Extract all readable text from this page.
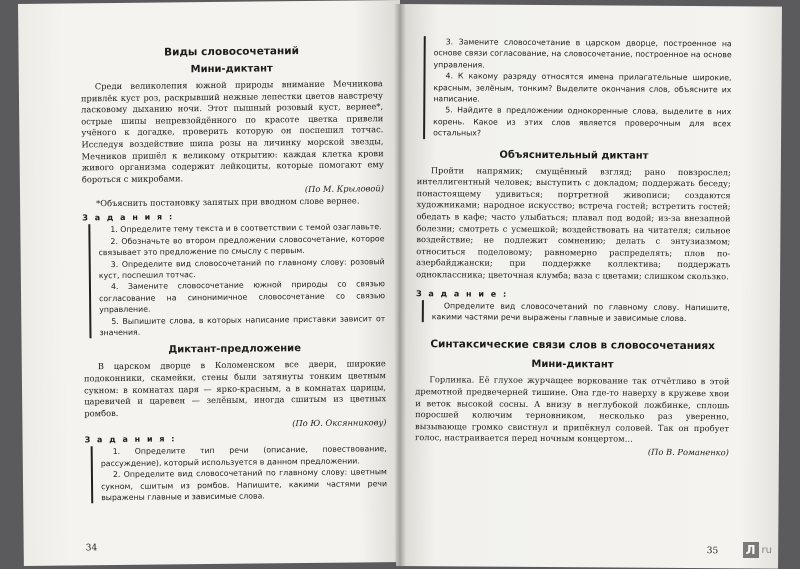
Виды словосочетаний
Мини-диктант

Среди великолепия южной природы внимание Мечникова привлёк куст роз, раскрывший нежные лепестки цветов навстречу ласковому дыханию ночи. Этот пышный розовый куст, вернее*, острые шипы непревзойдённого по красоте цветка привели учёного к догадке, проверить которую он поспешил тотчас. Исследуя воздействие шипа розы на личинку морской звезды, Мечников пришёл к великому открытию: каждая клетка крови живого организма содержит лейкоциты, которые помогают ему бороться с микробами.

(По М. Крыловой)
*Объяснить постановку запятых при вводном слове вернее.
З а д а н и я :

1. Определите тему текста и в соответствии с темой озаглавьте.

2. Обозначьте во втором предложении словосочетание, которое связывает это предложение по смыслу с первым.

3. Определите вид словосочетаний по главному слову: розовый куст, поспешил тотчас.

4. Замените словосочетание южной природы со связью согласование на синонимичное словосочетание со связью управление.

5. Выпишите слова, в которых написание приставки зависит от значения.

Диктант-предложение

В царском дворце в Коломенском все двери, широкие подоконники, скамейки, стены были затянуты тонким цветным сукном: в комнатах царя — ярко-красным, а в комнатах царицы, царевичей и царевен — зелёным, иногда сшитым из цветных ромбов.

(По Ю. Оксянниковy)
З а д а н и я :

1. Определите тип речи (описание, повествование, рассуждение), который используется в данном предложении.

2. Определите вид словосочетаний по главному слову: цветным сукном, сшитым из ромбов. Напишите, какими частями речи выражены главные и зависимые слова.

34

3. Замените словосочетание в царском дворце, построенное на основе связи согласование, на словосочетание, построенное на основе управления.

4. К какому разряду относятся имена прилагательные широкие, красным, зелёным, тонким? Выделите окончания слов, объясните их написание.

5. Найдите в предложении однокоренные слова, выделите в них корень. Какое из этих слов является проверочным для всех остальных?

Объяснительный диктант

Пройти напрямик; смущённый взгляд; рано повзрослел; интеллигентный человек; выступить с докладом; поддержать беседу; понастоящему удивиться; портретной живописи; создаются художниками; народное искусство; встреча гостей; встретить гостей; обедать в кафе; часто улыбаться; плавал под водой; из-за внезапной болезни; смотреть с усмешкой; воздействовать на читателя; сильное воздействие; не подлежит сомнению; делать с энтузиазмом; относиться поделовому; равномерно распределять; плов по-азербайджански; при поддержке коллектива; поддержать одноклассника; цветочная клумба; ваза с цветами; слишком скользко.

З а д а н и е :

Определите вид словосочетаний по главному слову. Напишите, какими частями речи выражены главные и зависимые слова.

Синтаксические связи слов в словосочетаниях
Мини-диктант

Горлинка. Её глухое журчащее воркование так отчётливо в этой дремотной предвечерней тишине. Она где-то наверху в кружеве хвои и веток высокой сосны. А внизу в неглубокой ложбинке, сплошь поросшей колючим терновником, несколько раз уверенно, вызывающе громко свистнул и припёкнул соловей. Так он пробует голос, настраивается перед ночным концертом…

(По В. Романенко)
35 Л ru
